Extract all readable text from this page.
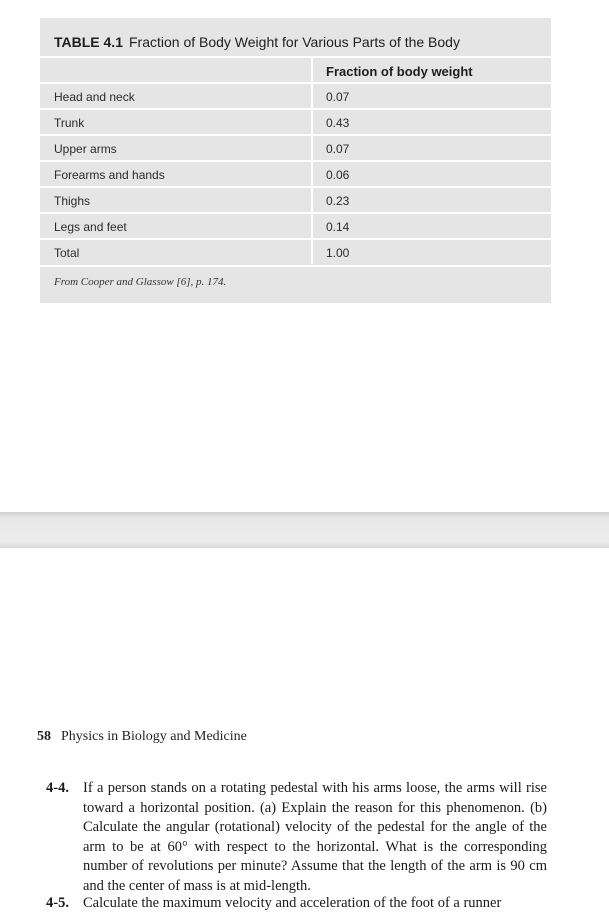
TABLE 4.1 Fraction of Body Weight for Various Parts of the Body
Fraction of body weight
Head and neck	0.07
Trunk	0.43
Upper arms	0.07
Forearms and hands	0.06
Thighs	0.23
Legs and feet	0.14
Total	1.00
From Cooper and Glassow [6], p. 174.
58 Physics in Biology and Medicine
4-4. If a person stands on a rotating pedestal with his arms loose, the arms will rise toward a horizontal position. (a) Explain the reason for this phenomenon. (b) Calculate the angular (rotational) velocity of the pedestal for the angle of the arm to be at 60° with respect to the horizontal. What is the corresponding number of revolutions per minute? Assume that the length of the arm is 90 cm and the center of mass is at mid-length.
4-5. Calculate the maximum velocity and acceleration of the foot of a runner
